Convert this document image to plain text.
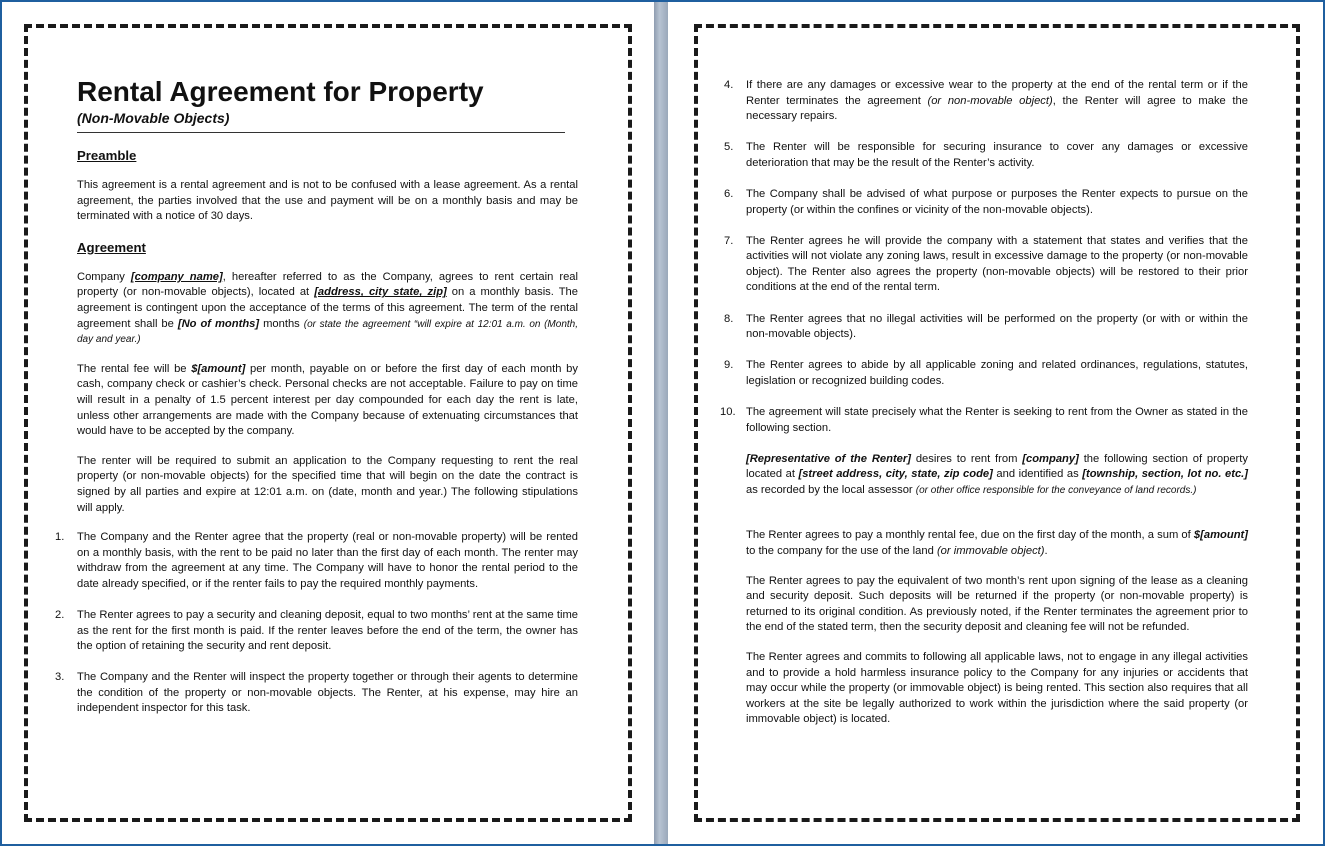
Rental Agreement for Property
(Non-Movable Objects)
Preamble

This agreement is a rental agreement and is not to be confused with a lease agreement. As a rental agreement, the parties involved that the use and payment will be on a monthly basis and may be terminated with a notice of 30 days.

Agreement

Company [company name], hereafter referred to as the Company, agrees to rent certain real property (or non-movable objects), located at [address, city state, zip] on a monthly basis. The agreement is contingent upon the acceptance of the terms of this agreement. The term of the rental agreement shall be [No of months] months (or state the agreement “will expire at 12:01 a.m. on (Month, day and year.)

The rental fee will be $[amount] per month, payable on or before the first day of each month by cash, company check or cashier’s check. Personal checks are not acceptable. Failure to pay on time will result in a penalty of 1.5 percent interest per day compounded for each day the rent is late, unless other arrangements are made with the Company because of extenuating circumstances that would have to be accepted by the company.

The renter will be required to submit an application to the Company requesting to rent the real property (or non-movable objects) for the specified time that will begin on the date the contract is signed by all parties and expire at 12:01 a.m. on (date, month and year.) The following stipulations will apply.

1. The Company and the Renter agree that the property (real or non-movable property) will be rented on a monthly basis, with the rent to be paid no later than the first day of each month. The renter may withdraw from the agreement at any time. The Company will have to honor the rental period to the date already specified, or if the renter fails to pay the required monthly payments.
2. The Renter agrees to pay a security and cleaning deposit, equal to two months’ rent at the same time as the rent for the first month is paid. If the renter leaves before the end of the term, the owner has the option of retaining the security and rent deposit.
3. The Company and the Renter will inspect the property together or through their agents to determine the condition of the property or non-movable objects. The Renter, at his expense, may hire an independent inspector for this task.
4. If there are any damages or excessive wear to the property at the end of the rental term or if the Renter terminates the agreement (or non-movable object), the Renter will agree to make the necessary repairs.
5. The Renter will be responsible for securing insurance to cover any damages or excessive deterioration that may be the result of the Renter’s activity.
6. The Company shall be advised of what purpose or purposes the Renter expects to pursue on the property (or within the confines or vicinity of the non-movable objects).
7. The Renter agrees he will provide the company with a statement that states and verifies that the activities will not violate any zoning laws, result in excessive damage to the property (or non-movable object). The Renter also agrees the property (non-movable objects) will be restored to their prior conditions at the end of the rental term.
8. The Renter agrees that no illegal activities will be performed on the property (or with or within the non-movable objects).
9. The Renter agrees to abide by all applicable zoning and related ordinances, regulations, statutes, legislation or recognized building codes.
10. The agreement will state precisely what the Renter is seeking to rent from the Owner as stated in the following section.

[Representative of the Renter] desires to rent from [company] the following section of property located at [street address, city, state, zip code] and identified as [township, section, lot no. etc.] as recorded by the local assessor (or other office responsible for the conveyance of land records.)

The Renter agrees to pay a monthly rental fee, due on the first day of the month, a sum of $[amount] to the company for the use of the land (or immovable object).

The Renter agrees to pay the equivalent of two month’s rent upon signing of the lease as a cleaning and security deposit. Such deposits will be returned if the property (or non-movable property) is returned to its original condition. As previously noted, if the Renter terminates the agreement prior to the end of the stated term, then the security deposit and cleaning fee will not be refunded.

The Renter agrees and commits to following all applicable laws, not to engage in any illegal activities and to provide a hold harmless insurance policy to the Company for any injuries or accidents that may occur while the property (or immovable object) is being rented. This section also requires that all workers at the site be legally authorized to work within the jurisdiction where the said property (or immovable object) is located.
